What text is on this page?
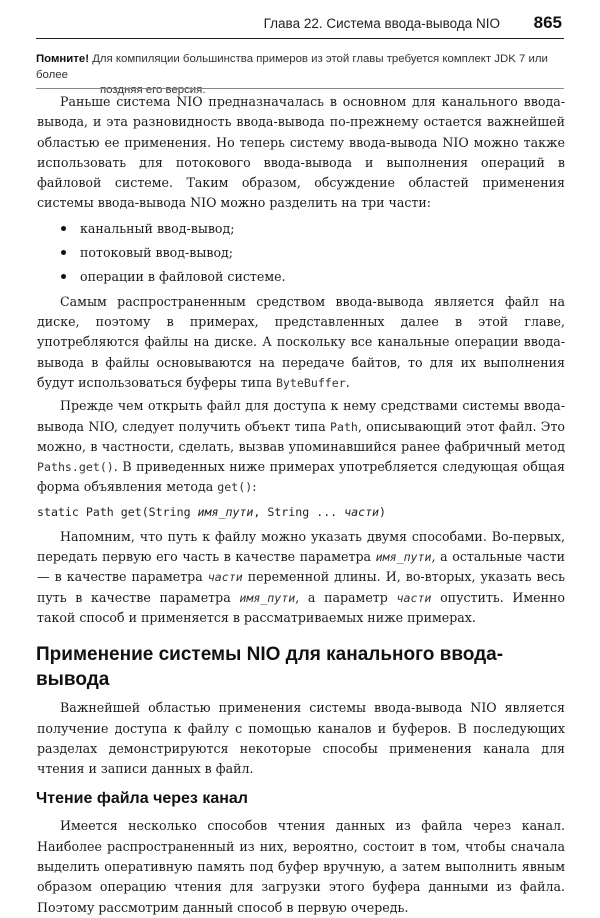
Глава 22. Система ввода-вывода NIO 865
Помните! Для компиляции большинства примеров из этой главы требуется комплект JDK 7 или более
поздняя его версия.

Раньше система NIO предназначалась в основном для канального ввода-вывода, и эта разновидность ввода-вывода по-прежнему остается важнейшей областью ее применения. Но теперь систему ввода-вывода NIO можно также использовать для потокового ввода-вывода и выполнения операций в файловой системе. Таким образом, обсуждение областей применения системы ввода-вывода NIO можно разделить на три части:

канальный ввод-вывод;
потоковый ввод-вывод;
операции в файловой системе.

Самым распространенным средством ввода-вывода является файл на диске, поэтому в примерах, представленных далее в этой главе, употребляются файлы на диске. А поскольку все канальные операции ввода-вывода в файлы основываются на передаче байтов, то для их выполнения будут использоваться буферы типа ByteBuffer.

Прежде чем открыть файл для доступа к нему средствами системы ввода-вывода NIO, следует получить объект типа Path, описывающий этот файл. Это можно, в частности, сделать, вызвав упоминавшийся ранее фабричный метод Paths.get(). В приведенных ниже примерах употребляется следующая общая форма объявления метода get():

static Path get(String имя_пути, String ... части)

Напомним, что путь к файлу можно указать двумя способами. Во-первых, передать первую его часть в качестве параметра имя_пути, а остальные части — в качестве параметра части переменной длины. И, во-вторых, указать весь путь в качестве параметра имя_пути, а параметр части опустить. Именно такой способ и применяется в рассматриваемых ниже примерах.

Применение системы NIO для канального ввода-вывода

Важнейшей областью применения системы ввода-вывода NIO является получение доступа к файлу с помощью каналов и буферов. В последующих разделах демонстрируются некоторые способы применения канала для чтения и записи данных в файл.

Чтение файла через канал

Имеется несколько способов чтения данных из файла через канал. Наиболее распространенный из них, вероятно, состоит в том, чтобы сначала выделить оперативную память под буфер вручную, а затем выполнить явным образом операцию чтения для загрузки этого буфера данными из файла. Поэтому рассмотрим данный способ в первую очередь.
